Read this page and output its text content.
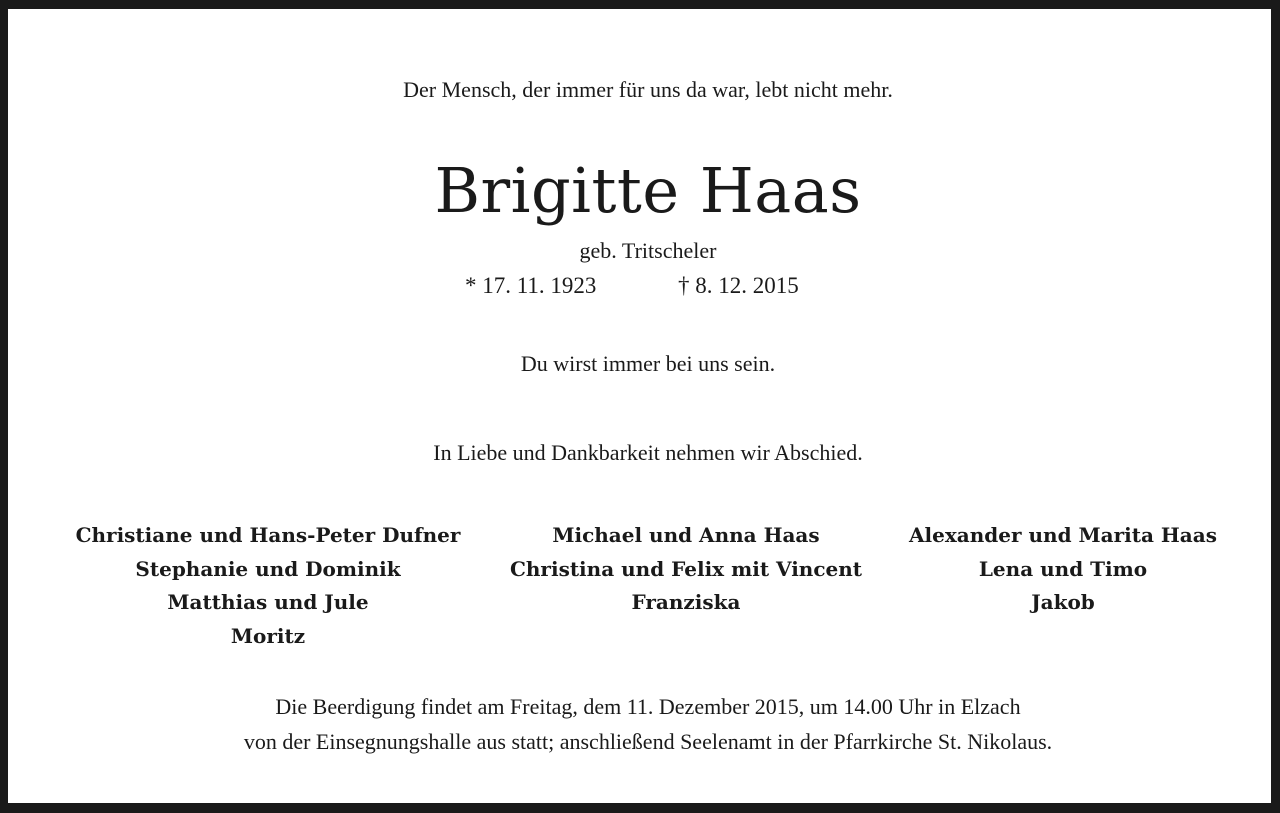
Der Mensch, der immer für uns da war, lebt nicht mehr.
Brigitte Haas
geb. Tritscheler
* 17. 11. 1923	† 8. 12. 2015
Du wirst immer bei uns sein.
In Liebe und Dankbarkeit nehmen wir Abschied.
Christiane und Hans-Peter Dufner
Stephanie und Dominik
Matthias und Jule
Moritz
Michael und Anna Haas
Christina und Felix mit Vincent
Franziska
Alexander und Marita Haas
Lena und Timo
Jakob
Die Beerdigung findet am Freitag, dem 11. Dezember 2015, um 14.00 Uhr in Elzach
von der Einsegnungshalle aus statt; anschließend Seelenamt in der Pfarrkirche St. Nikolaus.
